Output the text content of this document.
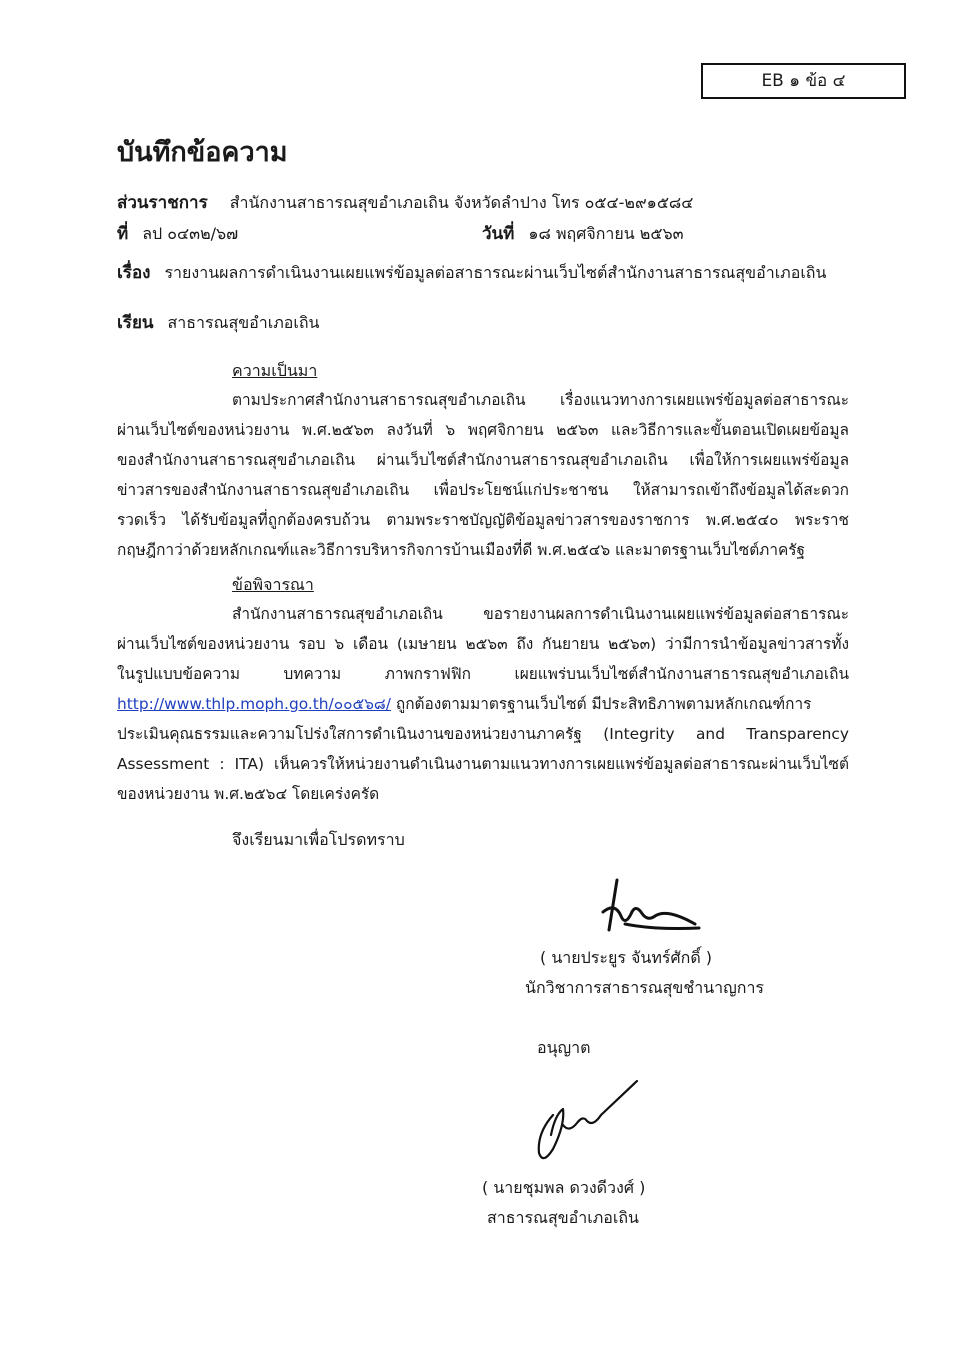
EB ๑ ข้อ ๔
บันทึกข้อความ
ส่วนราชการ สำนักงานสาธารณสุขอำเภอเถิน จังหวัดลำปาง โทร ๐๕๔-๒๙๑๕๘๔
ที่ ลป ๐๔๓๒/๖๗	วันที่ ๑๘ พฤศจิกายน ๒๕๖๓
เรื่อง รายงานผลการดำเนินงานเผยแพร่ข้อมูลต่อสาธารณะผ่านเว็บไซต์สำนักงานสาธารณสุขอำเภอเถิน
เรียน สาธารณสุขอำเภอเถิน
ความเป็นมา
ตามประกาศสำนักงานสาธารณสุขอำเภอเถิน เรื่องแนวทางการเผยแพร่ข้อมูลต่อสาธารณะ
ผ่านเว็บไซต์ของหน่วยงาน พ.ศ.๒๕๖๓ ลงวันที่ ๖ พฤศจิกายน ๒๕๖๓ และวิธีการและขั้นตอนเปิดเผยข้อมูล
ของสำนักงานสาธารณสุขอำเภอเถิน ผ่านเว็บไซต์สำนักงานสาธารณสุขอำเภอเถิน เพื่อให้การเผยแพร่ข้อมูล
ข่าวสารของสำนักงานสาธารณสุขอำเภอเถิน เพื่อประโยชน์แก่ประชาชน ให้สามารถเข้าถึงข้อมูลได้สะดวก
รวดเร็ว ได้รับข้อมูลที่ถูกต้องครบถ้วน ตามพระราชบัญญัติข้อมูลข่าวสารของราชการ พ.ศ.๒๕๔๐ พระราช
กฤษฎีกาว่าด้วยหลักเกณฑ์และวิธีการบริหารกิจการบ้านเมืองที่ดี พ.ศ.๒๕๔๖ และมาตรฐานเว็บไซต์ภาครัฐ
ข้อพิจารณา
สำนักงานสาธารณสุขอำเภอเถิน ขอรายงานผลการดำเนินงานเผยแพร่ข้อมูลต่อสาธารณะ
ผ่านเว็บไซต์ของหน่วยงาน รอบ ๖ เดือน (เมษายน ๒๕๖๓ ถึง กันยายน ๒๕๖๓) ว่ามีการนำข้อมูลข่าวสารทั้ง
ในรูปแบบข้อความ บทความ ภาพกราฟฟิก เผยแพร่บนเว็บไซต์สำนักงานสาธารณสุขอำเภอเถิน
http://www.thlp.moph.go.th/๐๐๕๖๘/ ถูกต้องตามมาตรฐานเว็บไซต์ มีประสิทธิภาพตามหลักเกณฑ์การ
ประเมินคุณธรรมและความโปร่งใสการดำเนินงานของหน่วยงานภาครัฐ (Integrity and Transparency
Assessment : ITA) เห็นควรให้หน่วยงานดำเนินงานตามแนวทางการเผยแพร่ข้อมูลต่อสาธารณะผ่านเว็บไซต์
ของหน่วยงาน พ.ศ.๒๕๖๔ โดยเคร่งครัด
จึงเรียนมาเพื่อโปรดทราบ
( นายประยูร จันทร์ศักดิ์ )
นักวิชาการสาธารณสุขชำนาญการ
อนุญาต
( นายชุมพล ดวงดีวงศ์ )
สาธารณสุขอำเภอเถิน
